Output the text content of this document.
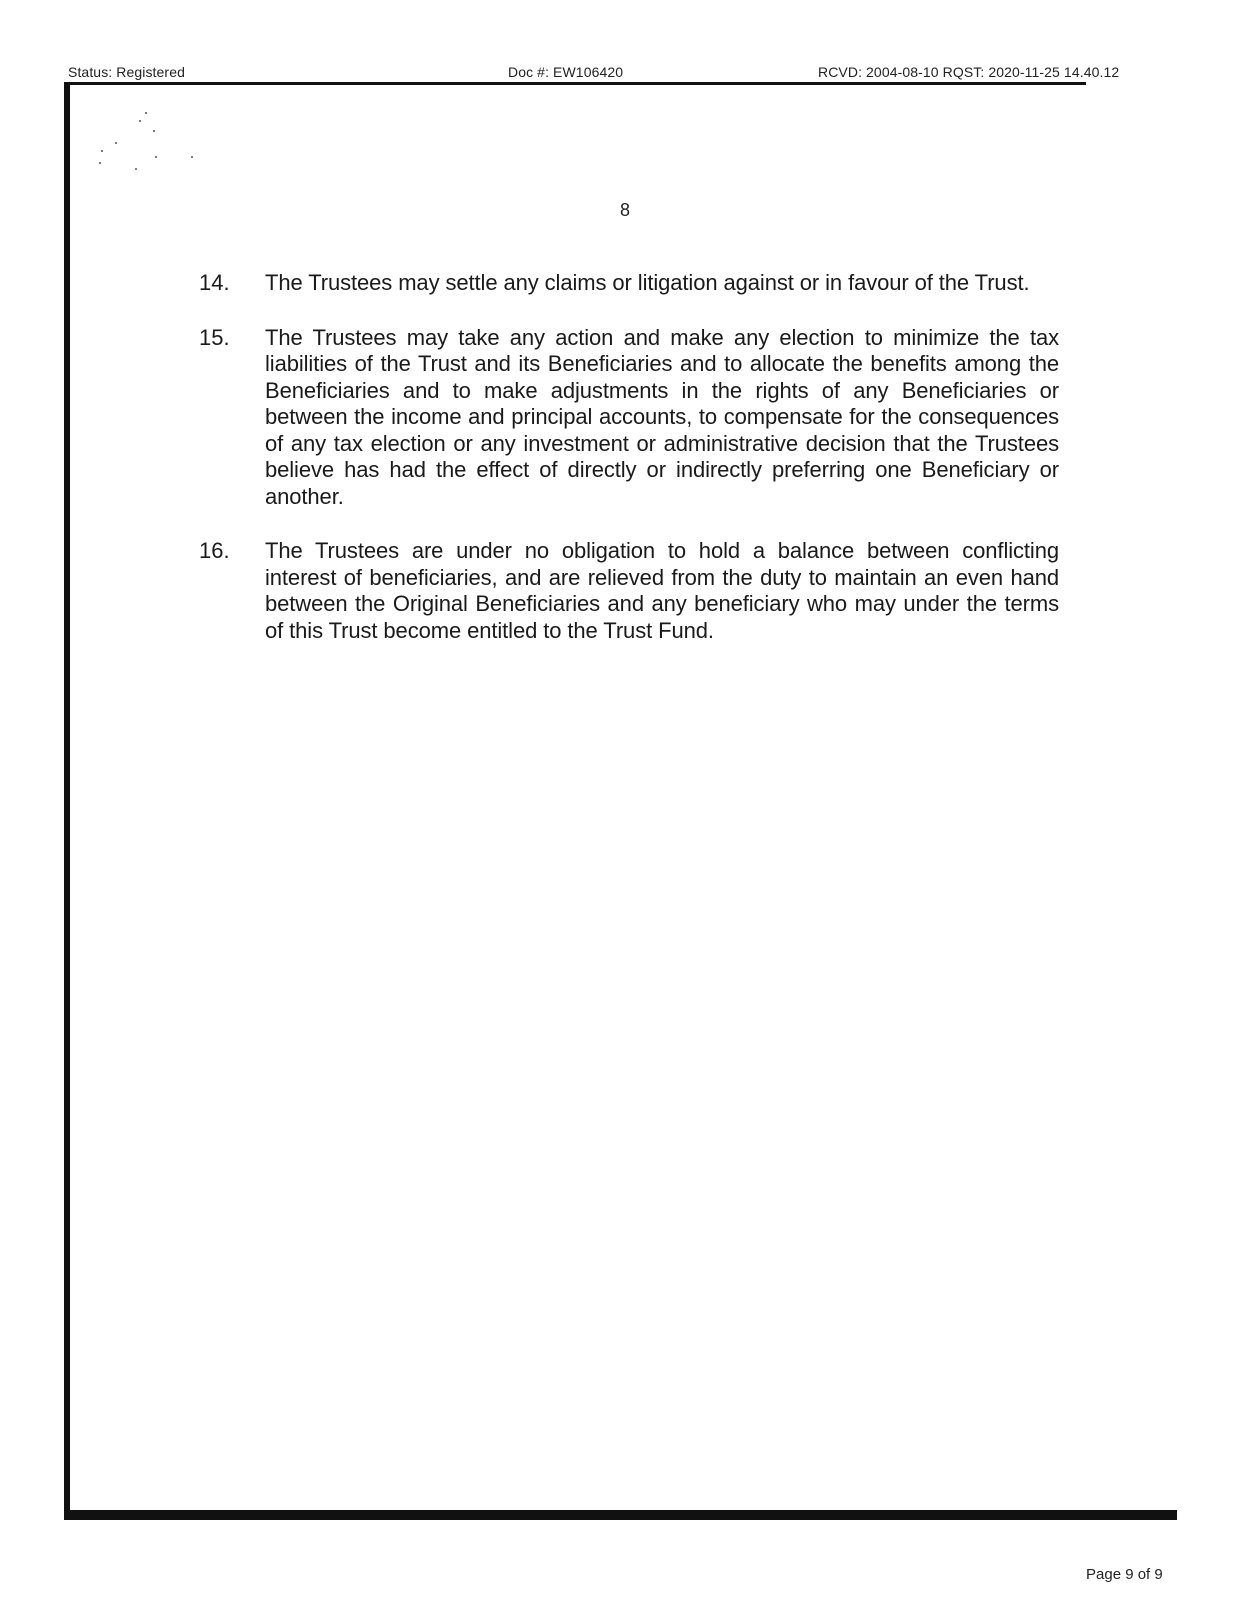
Status: Registered	Doc #: EW106420	RCVD: 2004-08-10 RQST: 2020-11-25 14.40.12
8
14.	The Trustees may settle any claims or litigation against or in favour of the Trust.
15.	The Trustees may take any action and make any election to minimize the tax liabilities of the Trust and its Beneficiaries and to allocate the benefits among the Beneficiaries and to make adjustments in the rights of any Beneficiaries or between the income and principal accounts, to compensate for the consequences of any tax election or any investment or administrative decision that the Trustees believe has had the effect of directly or indirectly preferring one Beneficiary or another.
16.	The Trustees are under no obligation to hold a balance between conflicting interest of beneficiaries, and are relieved from the duty to maintain an even hand between the Original Beneficiaries and any beneficiary who may under the terms of this Trust become entitled to the Trust Fund.
Page 9 of 9
